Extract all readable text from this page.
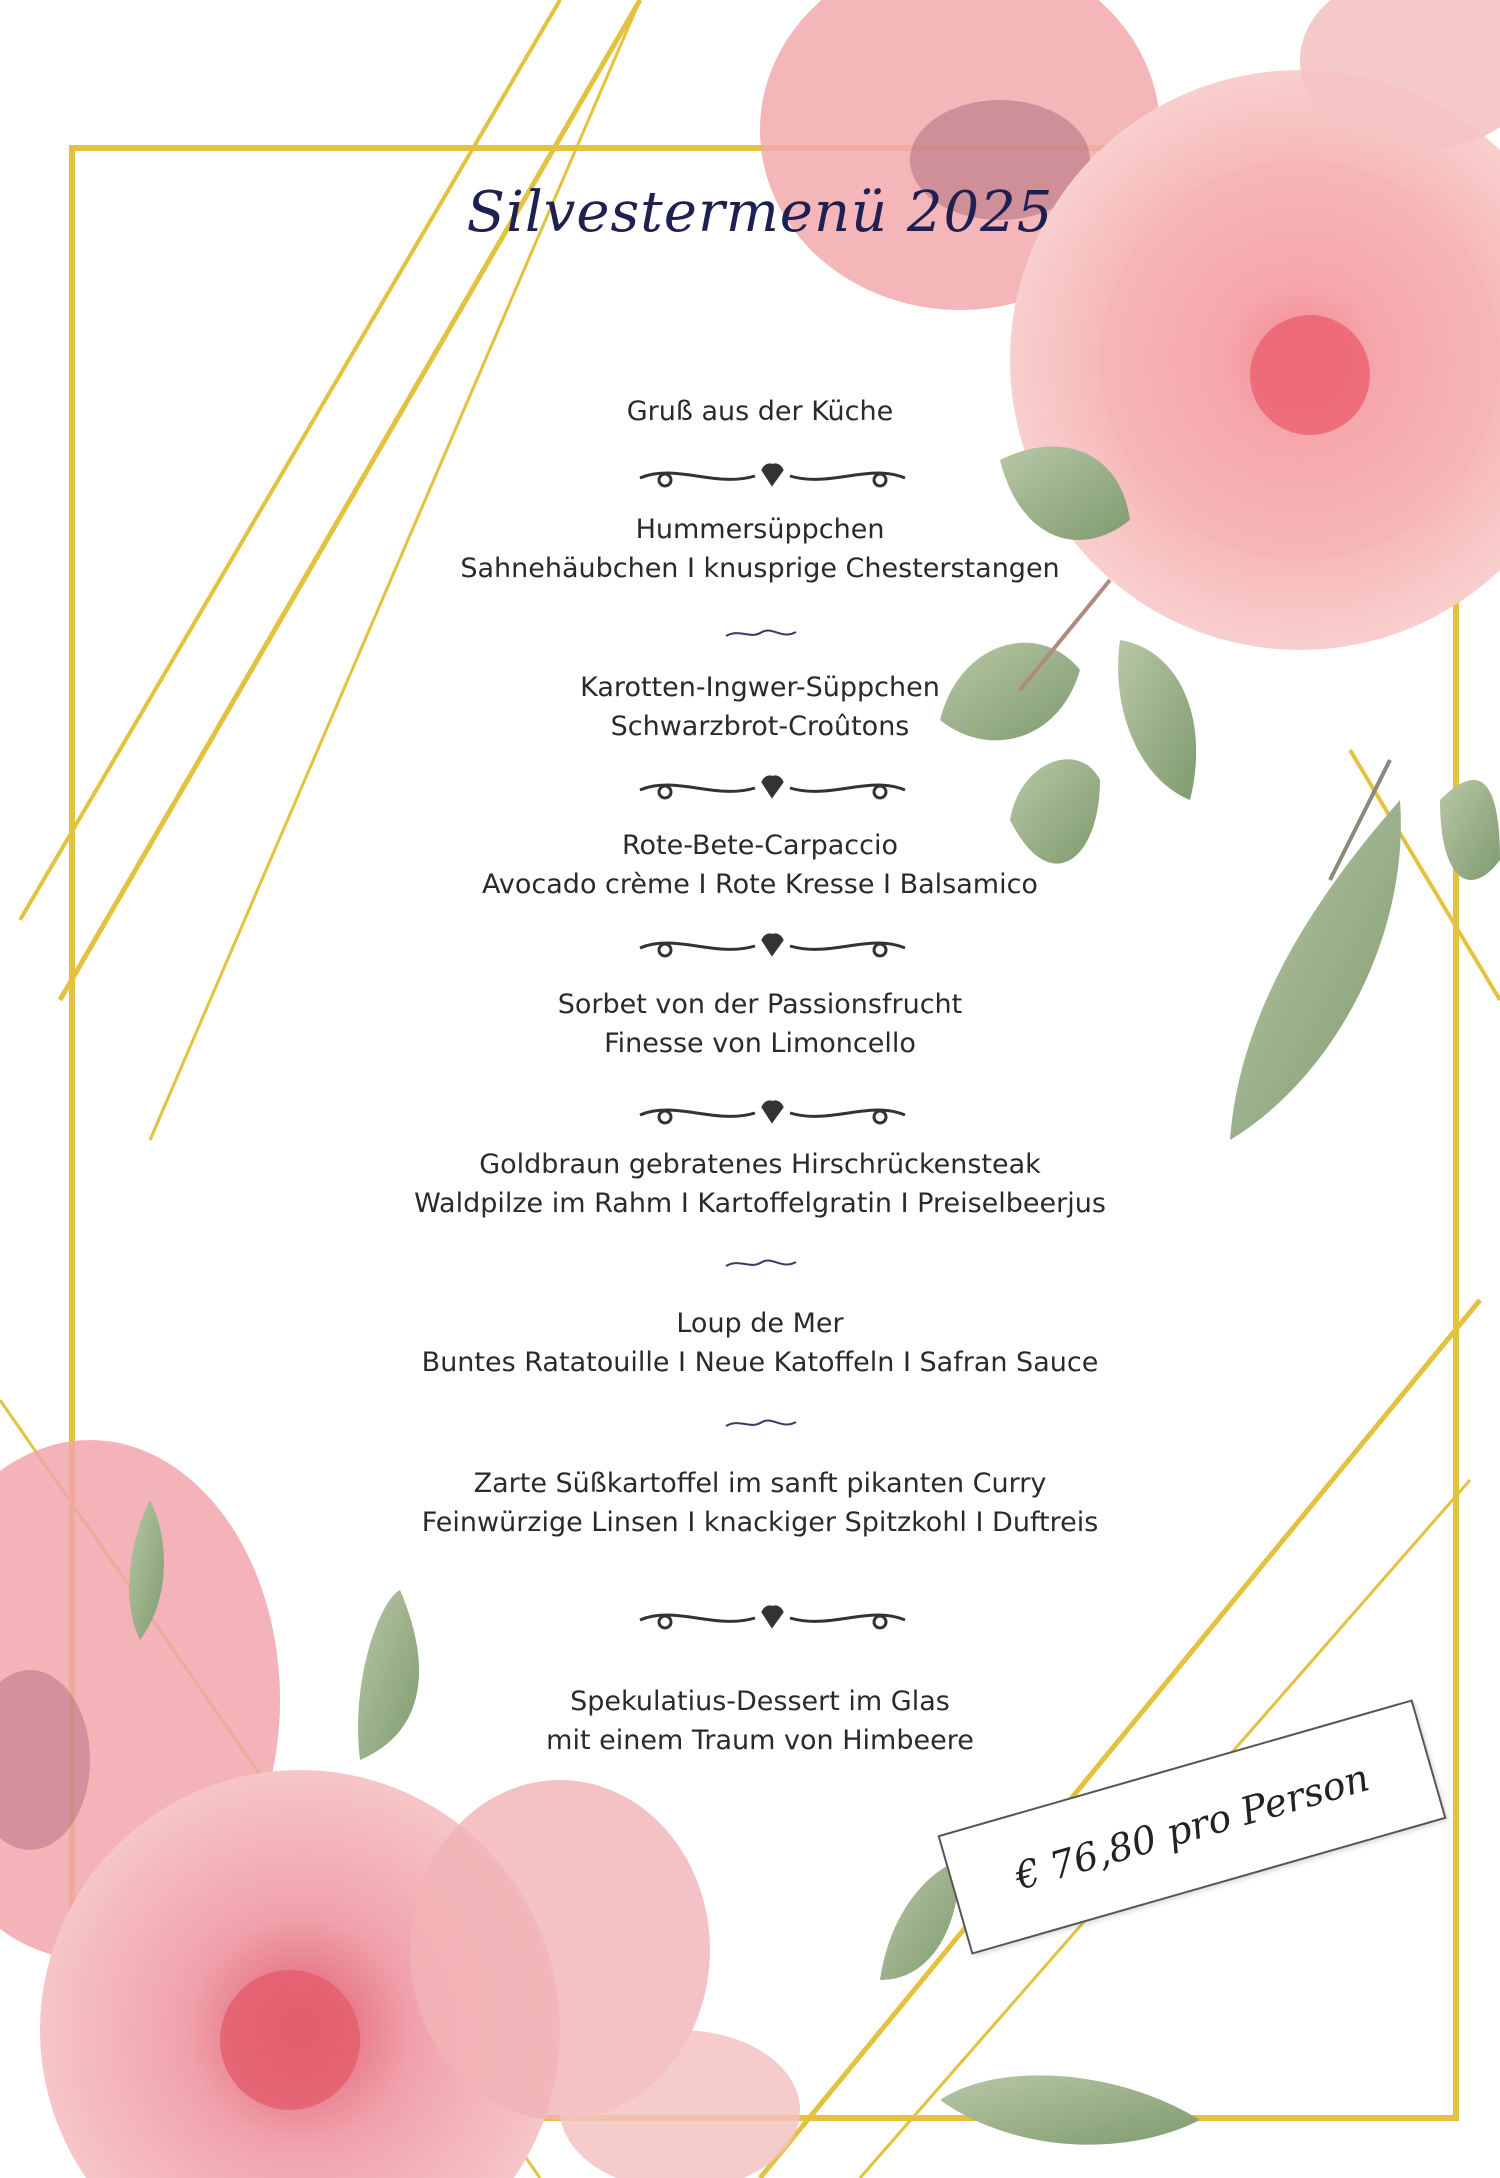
Silvestermenü 2025
Gruß aus der Küche
Hummersüppchen
Sahnehäubchen I knusprige Chesterstangen
Karotten-Ingwer-Süppchen
Schwarzbrot-Croûtons
Rote-Bete-Carpaccio
Avocado crème I Rote Kresse I Balsamico
Sorbet von der Passionsfrucht
Finesse von Limoncello
Goldbraun gebratenes Hirschrückensteak
Waldpilze im Rahm I Kartoffelgratin I Preiselbeerjus
Loup de Mer
Buntes Ratatouille I Neue Katoffeln I Safran Sauce
Zarte Süßkartoffel im sanft pikanten Curry
Feinwürzige Linsen I knackiger Spitzkohl I Duftreis
Spekulatius-Dessert im Glas
mit einem Traum von Himbeere
€ 76,80 pro Person
